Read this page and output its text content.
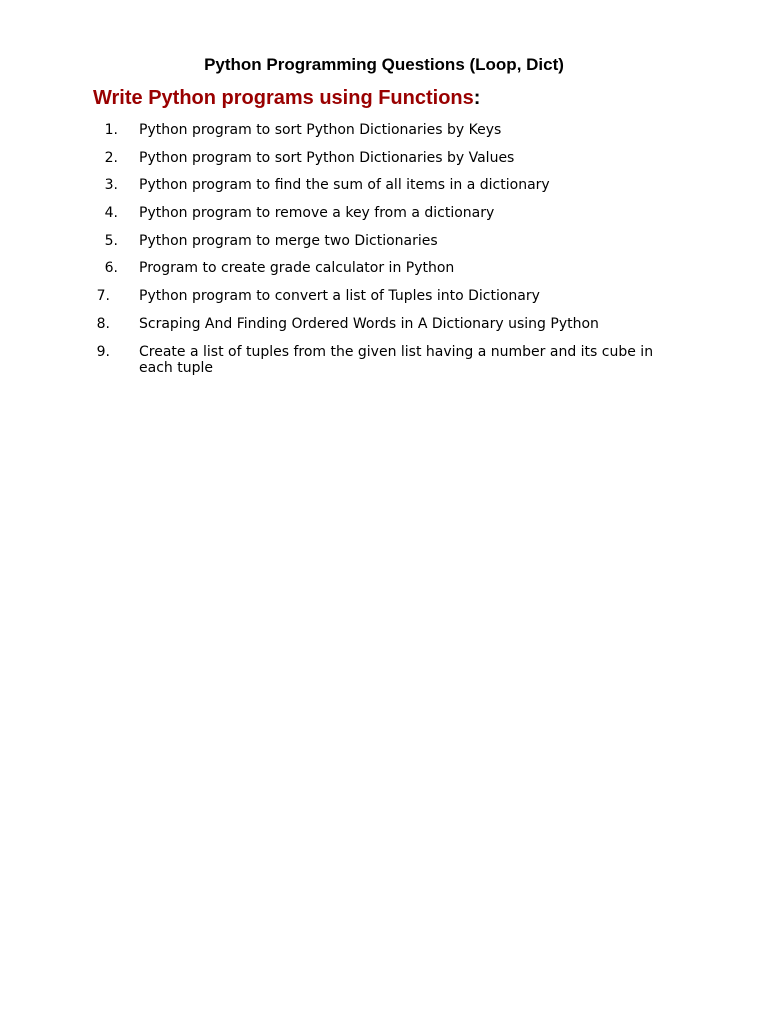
Python Programming Questions (Loop, Dict)
Write Python programs using Functions:
1. Python program to sort Python Dictionaries by Keys
2. Python program to sort Python Dictionaries by Values
3. Python program to find the sum of all items in a dictionary
4. Python program to remove a key from a dictionary
5. Python program to merge two Dictionaries
6. Program to create grade calculator in Python
7. Python program to convert a list of Tuples into Dictionary
8. Scraping And Finding Ordered Words in A Dictionary using Python
9. Create a list of tuples from the given list having a number and its cube in each tuple
